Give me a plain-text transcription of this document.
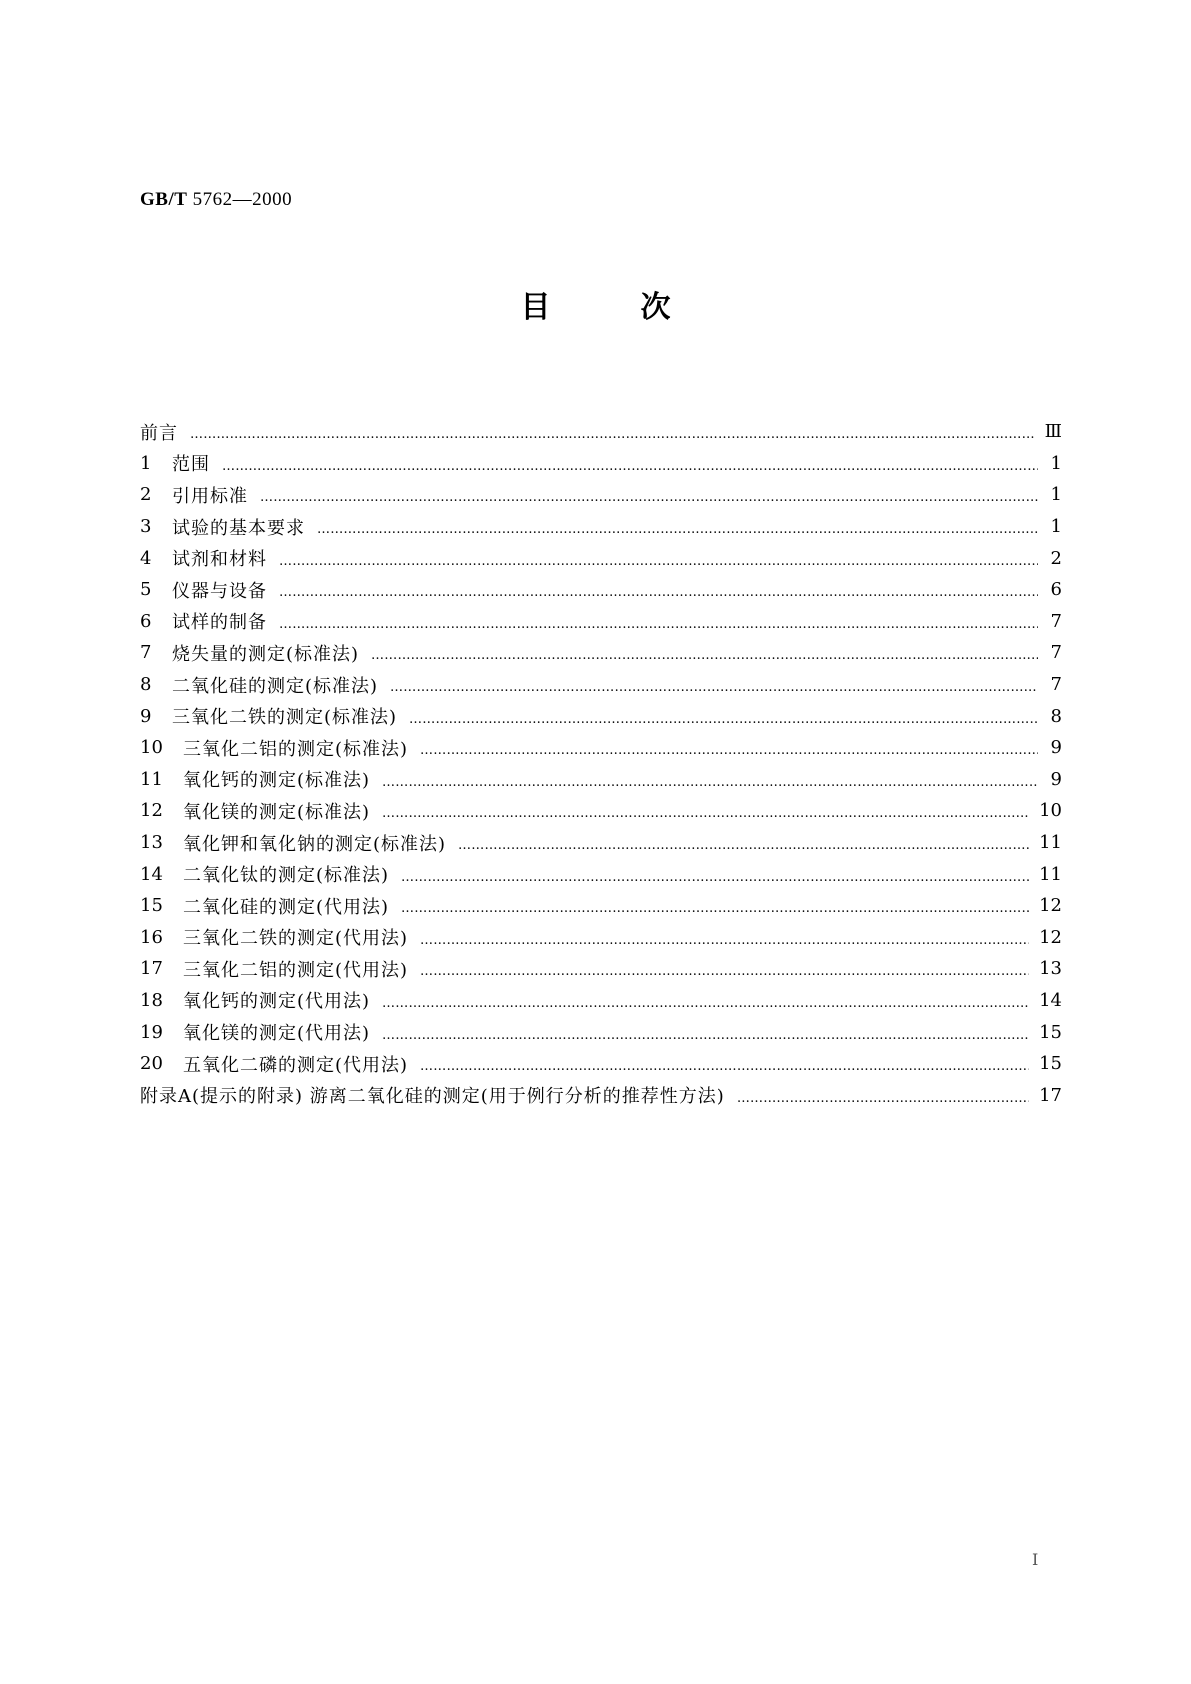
GB/T 5762—2000
目	次
前言 ……………………………………………………………………………………………………………………………………………………………………………………………	Ⅲ
1	范围 ……………………………………………………………………………………………………………………………………………………………………………………………	1
2	引用标准 ……………………………………………………………………………………………………………………………………………………………………………………………	1
3	试验的基本要求 ……………………………………………………………………………………………………………………………………………………………………………………………	1
4	试剂和材料 ……………………………………………………………………………………………………………………………………………………………………………………………	2
5	仪器与设备 ……………………………………………………………………………………………………………………………………………………………………………………………	6
6	试样的制备 ……………………………………………………………………………………………………………………………………………………………………………………………	7
7	烧失量的测定(标准法) ……………………………………………………………………………………………………………………………………………………………………………………………	7
8	二氧化硅的测定(标准法) ……………………………………………………………………………………………………………………………………………………………………………………………	7
9	三氧化二铁的测定(标准法) ……………………………………………………………………………………………………………………………………………………………………………………………	8
10	三氧化二铝的测定(标准法) ……………………………………………………………………………………………………………………………………………………………………………………………	9
11	氧化钙的测定(标准法) ……………………………………………………………………………………………………………………………………………………………………………………………	9
12	氧化镁的测定(标准法) ……………………………………………………………………………………………………………………………………………………………………………………………	10
13	氧化钾和氧化钠的测定(标准法) ……………………………………………………………………………………………………………………………………………………………………………………………	11
14	二氧化钛的测定(标准法) ……………………………………………………………………………………………………………………………………………………………………………………………	11
15	二氧化硅的测定(代用法) ……………………………………………………………………………………………………………………………………………………………………………………………	12
16	三氧化二铁的测定(代用法) ……………………………………………………………………………………………………………………………………………………………………………………………	12
17	三氧化二铝的测定(代用法) ……………………………………………………………………………………………………………………………………………………………………………………………	13
18	氧化钙的测定(代用法) ……………………………………………………………………………………………………………………………………………………………………………………………	14
19	氧化镁的测定(代用法) ……………………………………………………………………………………………………………………………………………………………………………………………	15
20	五氧化二磷的测定(代用法) ……………………………………………………………………………………………………………………………………………………………………………………………	15
附录A(提示的附录) 游离二氧化硅的测定(用于例行分析的推荐性方法) ……………………………………………………………………………………………………………………………………………………………………………………………	17
I
